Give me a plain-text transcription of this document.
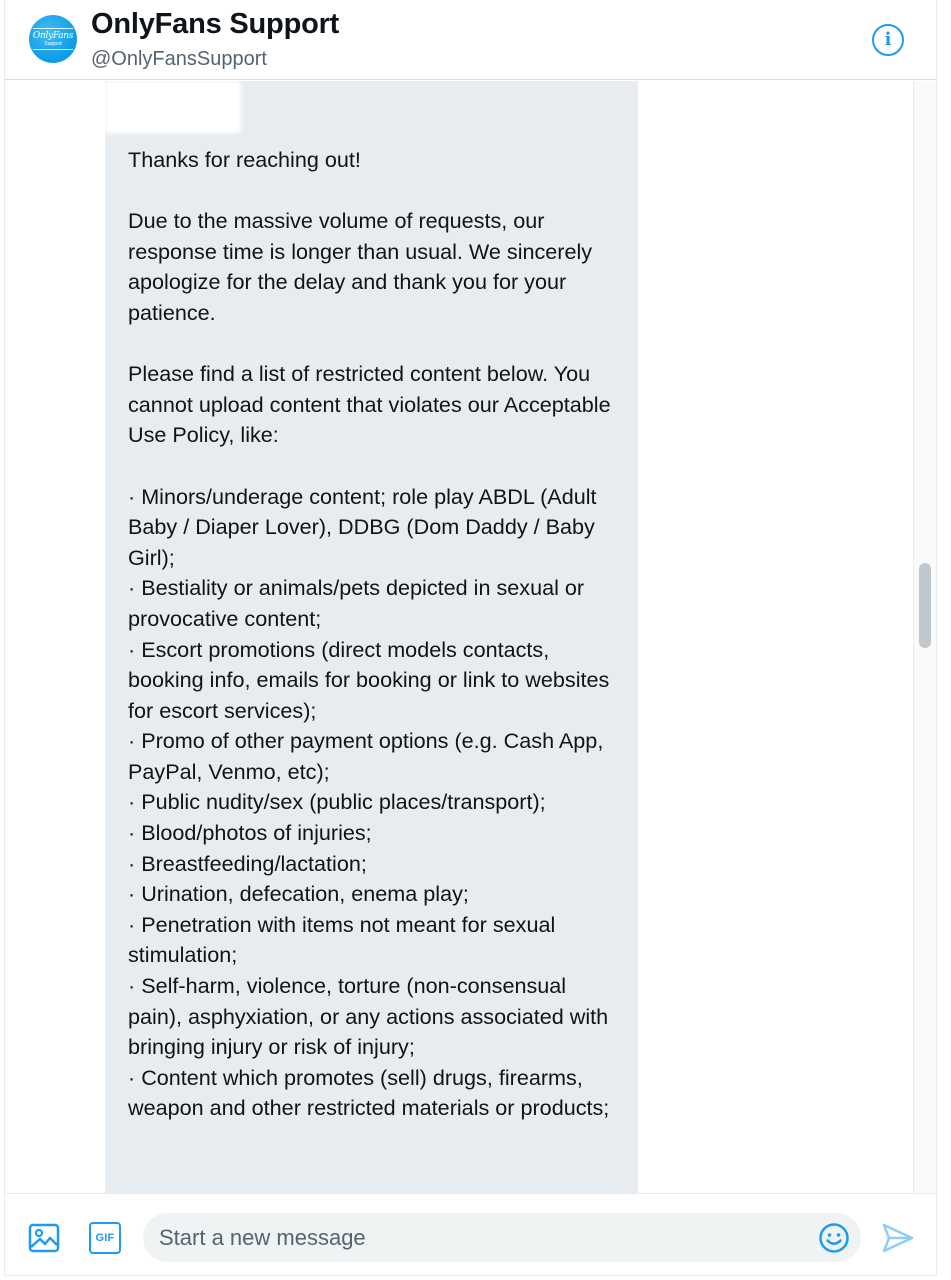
OnlyFans
Support
OnlyFans Support
@OnlyFansSupport
i
Thanks for reaching out!

Due to the massive volume of requests, our response time is longer than usual. We sincerely apologize for the delay and thank you for your patience.

Please find a list of restricted content below. You cannot upload content that violates our Acceptable Use Policy, like:

· Minors/underage content; role play ABDL (Adult Baby / Diaper Lover), DDBG (Dom Daddy / Baby Girl);
· Bestiality or animals/pets depicted in sexual or provocative content;
· Escort promotions (direct models contacts, booking info, emails for booking or link to websites for escort services);
· Promo of other payment options (e.g. Cash App, PayPal, Venmo, etc);
· Public nudity/sex (public places/transport);
· Blood/photos of injuries;
· Breastfeeding/lactation;
· Urination, defecation, enema play;
· Penetration with items not meant for sexual stimulation;
· Self-harm, violence, torture (non-consensual pain), asphyxiation, or any actions associated with bringing injury or risk of injury;
· Content which promotes (sell) drugs, firearms, weapon and other restricted materials or products;
GIF
Start a new message
